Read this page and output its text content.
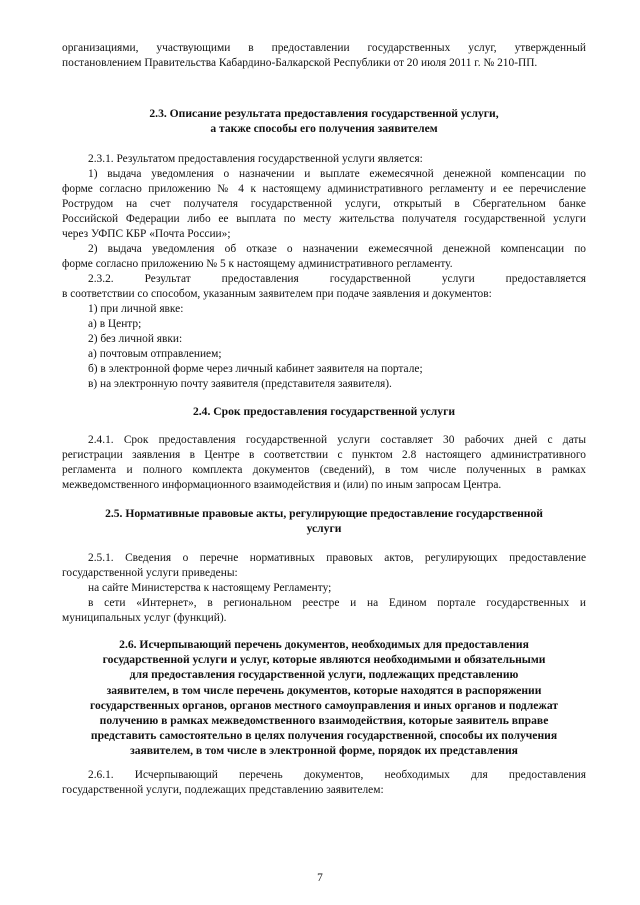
организациями, участвующими в предоставлении государственных услуг, утвержденный

постановлением Правительства Кабардино-Балкарской Республики от 20 июля 2011 г. № 210-ПП.

2.3. Описание результата предоставления государственной услуги,
а также способы его получения заявителем

2.3.1. Результатом предоставления государственной услуги является:

1) выдача уведомления о назначении и выплате ежемесячной денежной компенсации по

форме согласно приложению № 4 к настоящему административного регламенту и ее перечисление

Рострудом на счет получателя государственной услуги, открытый в Сбергательном банке

Российской Федерации либо ее выплата по месту жительства получателя государственной услуги

через УФПС КБР «Почта России»;

2) выдача уведомления об отказе о назначении ежемесячной денежной компенсации по

форме согласно приложению № 5 к настоящему административного регламенту.

2.3.2. Результат предоставления государственной услуги предоставляется

в соответствии со способом, указанным заявителем при подаче заявления и документов:

1) при личной явке:

а) в Центр;

2) без личной явки:

а) почтовым отправлением;

б) в электронной форме через личный кабинет заявителя на портале;

в) на электронную почту заявителя (представителя заявителя).

2.4. Срок предоставления государственной услуги

2.4.1. Срок предоставления государственной услуги составляет 30 рабочих дней с даты

регистрации заявления в Центре в соответствии с пунктом 2.8 настоящего административного

регламента и полного комплекта документов (сведений), в том числе полученных в рамках

межведомственного информационного взаимодействия и (или) по иным запросам Центра.

2.5. Нормативные правовые акты, регулирующие предоставление государственной
услуги

2.5.1. Сведения о перечне нормативных правовых актов, регулирующих предоставление

государственной услуги приведены:

на сайте Министерства к настоящему Регламенту;

в сети «Интернет», в региональном реестре и на Едином портале государственных и

муниципальных услуг (функций).

2.6. Исчерпывающий перечень документов, необходимых для предоставления
государственной услуги и услуг, которые являются необходимыми и обязательными
для предоставления государственной услуги, подлежащих представлению
заявителем, в том числе перечень документов, которые находятся в распоряжении
государственных органов, органов местного самоуправления и иных органов и подлежат
получению в рамках межведомственного взаимодействия, которые заявитель вправе
представить самостоятельно в целях получения государственной, способы их получения
заявителем, в том числе в электронной форме, порядок их представления

2.6.1. Исчерпывающий перечень документов, необходимых для предоставления

государственной услуги, подлежащих представлению заявителем:

7
